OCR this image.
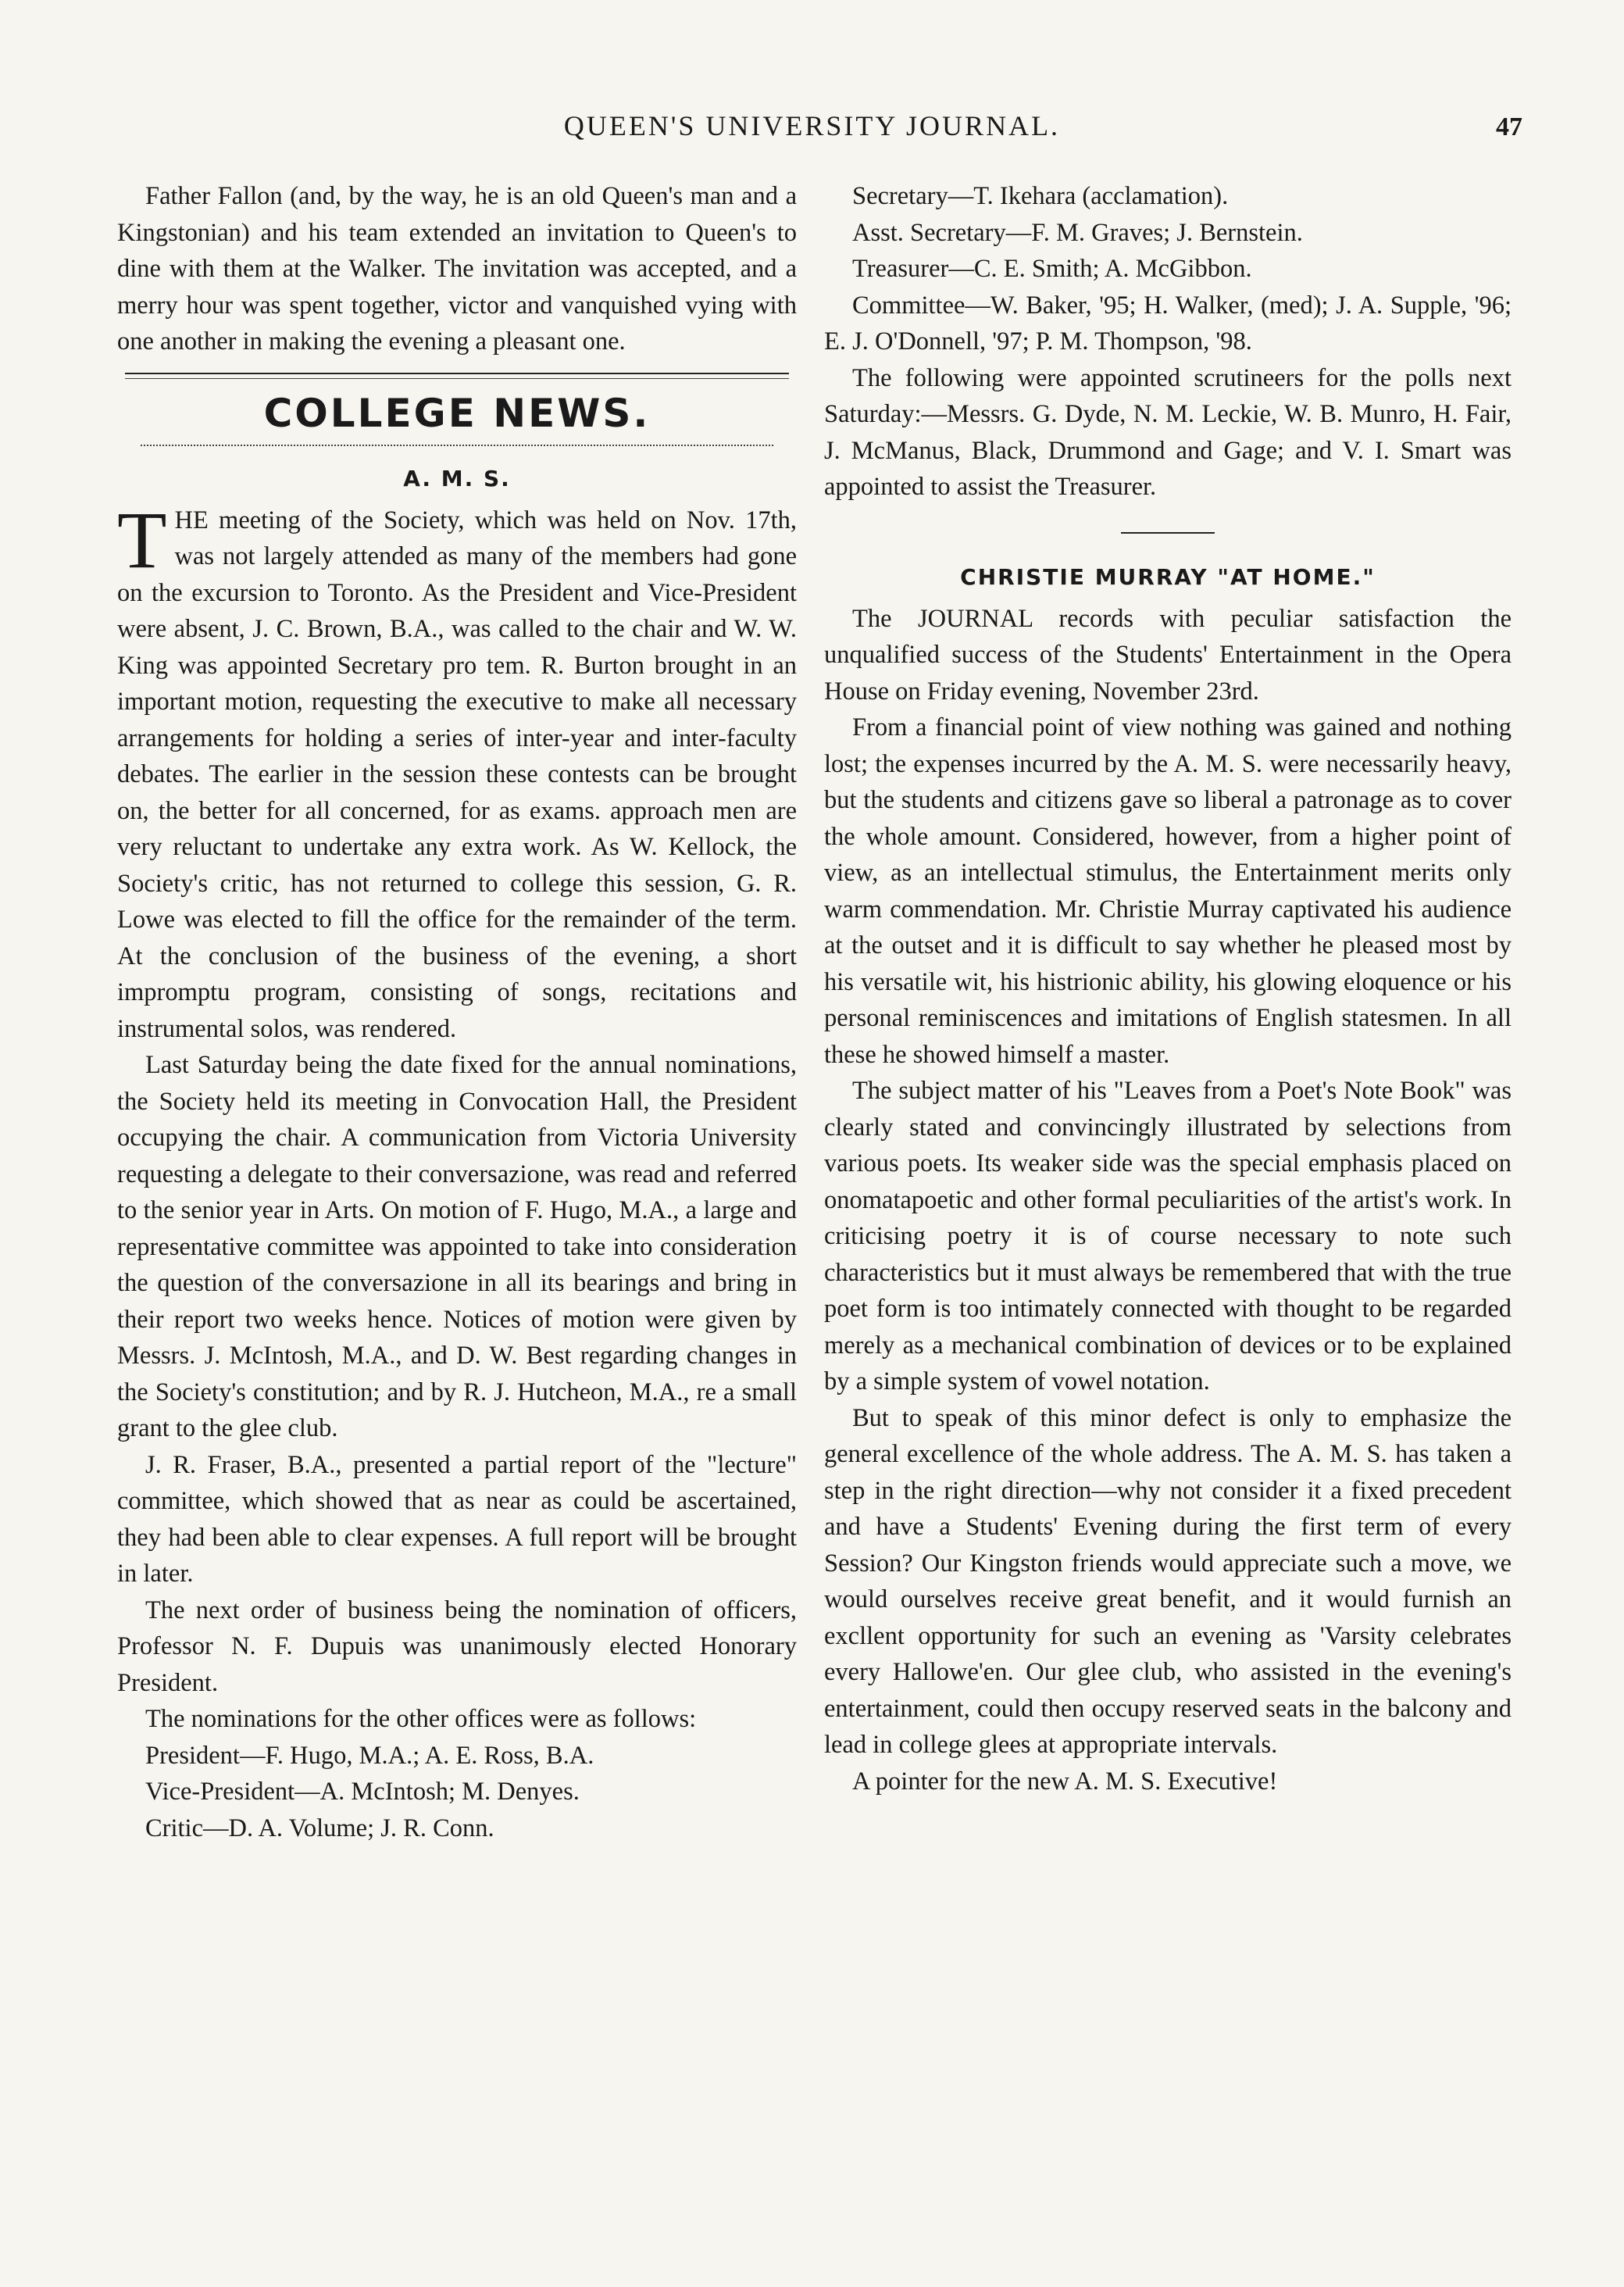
QUEEN'S UNIVERSITY JOURNAL.	47

Father Fallon (and, by the way, he is an old Queen's man and a Kingstonian) and his team extended an invitation to Queen's to dine with them at the Walker. The invitation was accepted, and a merry hour was spent together, victor and vanquished vying with one another in making the evening a pleasant one.

COLLEGE NEWS.
A. M. S.

THE meeting of the Society, which was held on Nov. 17th, was not largely attended as many of the members had gone on the excursion to Toronto. As the President and Vice-President were absent, J. C. Brown, B.A., was called to the chair and W. W. King was appointed Secretary pro tem. R. Burton brought in an important motion, requesting the executive to make all necessary arrangements for holding a series of inter-year and inter-faculty debates. The earlier in the session these contests can be brought on, the better for all concerned, for as exams. approach men are very reluctant to undertake any extra work. As W. Kellock, the Society's critic, has not returned to college this session, G. R. Lowe was elected to fill the office for the remainder of the term. At the conclusion of the business of the evening, a short impromptu program, consisting of songs, recitations and instrumental solos, was rendered.

Last Saturday being the date fixed for the annual nominations, the Society held its meeting in Convocation Hall, the President occupying the chair. A communication from Victoria University requesting a delegate to their conversazione, was read and referred to the senior year in Arts. On motion of F. Hugo, M.A., a large and representative committee was appointed to take into consideration the question of the conversazione in all its bearings and bring in their report two weeks hence. Notices of motion were given by Messrs. J. McIntosh, M.A., and D. W. Best regarding changes in the Society's constitution; and by R. J. Hutcheon, M.A., re a small grant to the glee club.

J. R. Fraser, B.A., presented a partial report of the "lecture" committee, which showed that as near as could be ascertained, they had been able to clear expenses. A full report will be brought in later.

The next order of business being the nomination of officers, Professor N. F. Dupuis was unanimously elected Honorary President.

The nominations for the other offices were as follows:

President—F. Hugo, M.A.; A. E. Ross, B.A.

Vice-President—A. McIntosh; M. Denyes.

Critic—D. A. Volume; J. R. Conn.

Secretary—T. Ikehara (acclamation).

Asst. Secretary—F. M. Graves; J. Bernstein.

Treasurer—C. E. Smith; A. McGibbon.

Committee—W. Baker, '95; H. Walker, (med); J. A. Supple, '96; E. J. O'Donnell, '97; P. M. Thompson, '98.

The following were appointed scrutineers for the polls next Saturday:—Messrs. G. Dyde, N. M. Leckie, W. B. Munro, H. Fair, J. McManus, Black, Drummond and Gage; and V. I. Smart was appointed to assist the Treasurer.

CHRISTIE MURRAY "AT HOME."

The JOURNAL records with peculiar satisfaction the unqualified success of the Students' Entertainment in the Opera House on Friday evening, November 23rd.

From a financial point of view nothing was gained and nothing lost; the expenses incurred by the A. M. S. were necessarily heavy, but the students and citizens gave so liberal a patronage as to cover the whole amount. Considered, however, from a higher point of view, as an intellectual stimulus, the Entertainment merits only warm commendation. Mr. Christie Murray captivated his audience at the outset and it is difficult to say whether he pleased most by his versatile wit, his histrionic ability, his glowing eloquence or his personal reminiscences and imitations of English statesmen. In all these he showed himself a master.

The subject matter of his "Leaves from a Poet's Note Book" was clearly stated and convincingly illustrated by selections from various poets. Its weaker side was the special emphasis placed on onomatapoetic and other formal peculiarities of the artist's work. In criticising poetry it is of course necessary to note such characteristics but it must always be remembered that with the true poet form is too intimately connected with thought to be regarded merely as a mechanical combination of devices or to be explained by a simple system of vowel notation.

But to speak of this minor defect is only to emphasize the general excellence of the whole address. The A. M. S. has taken a step in the right direction—why not consider it a fixed precedent and have a Students' Evening during the first term of every Session? Our Kingston friends would appreciate such a move, we would ourselves receive great benefit, and it would furnish an excllent opportunity for such an evening as 'Varsity celebrates every Hallowe'en. Our glee club, who assisted in the evening's entertainment, could then occupy reserved seats in the balcony and lead in college glees at appropriate intervals.

A pointer for the new A. M. S. Executive!
